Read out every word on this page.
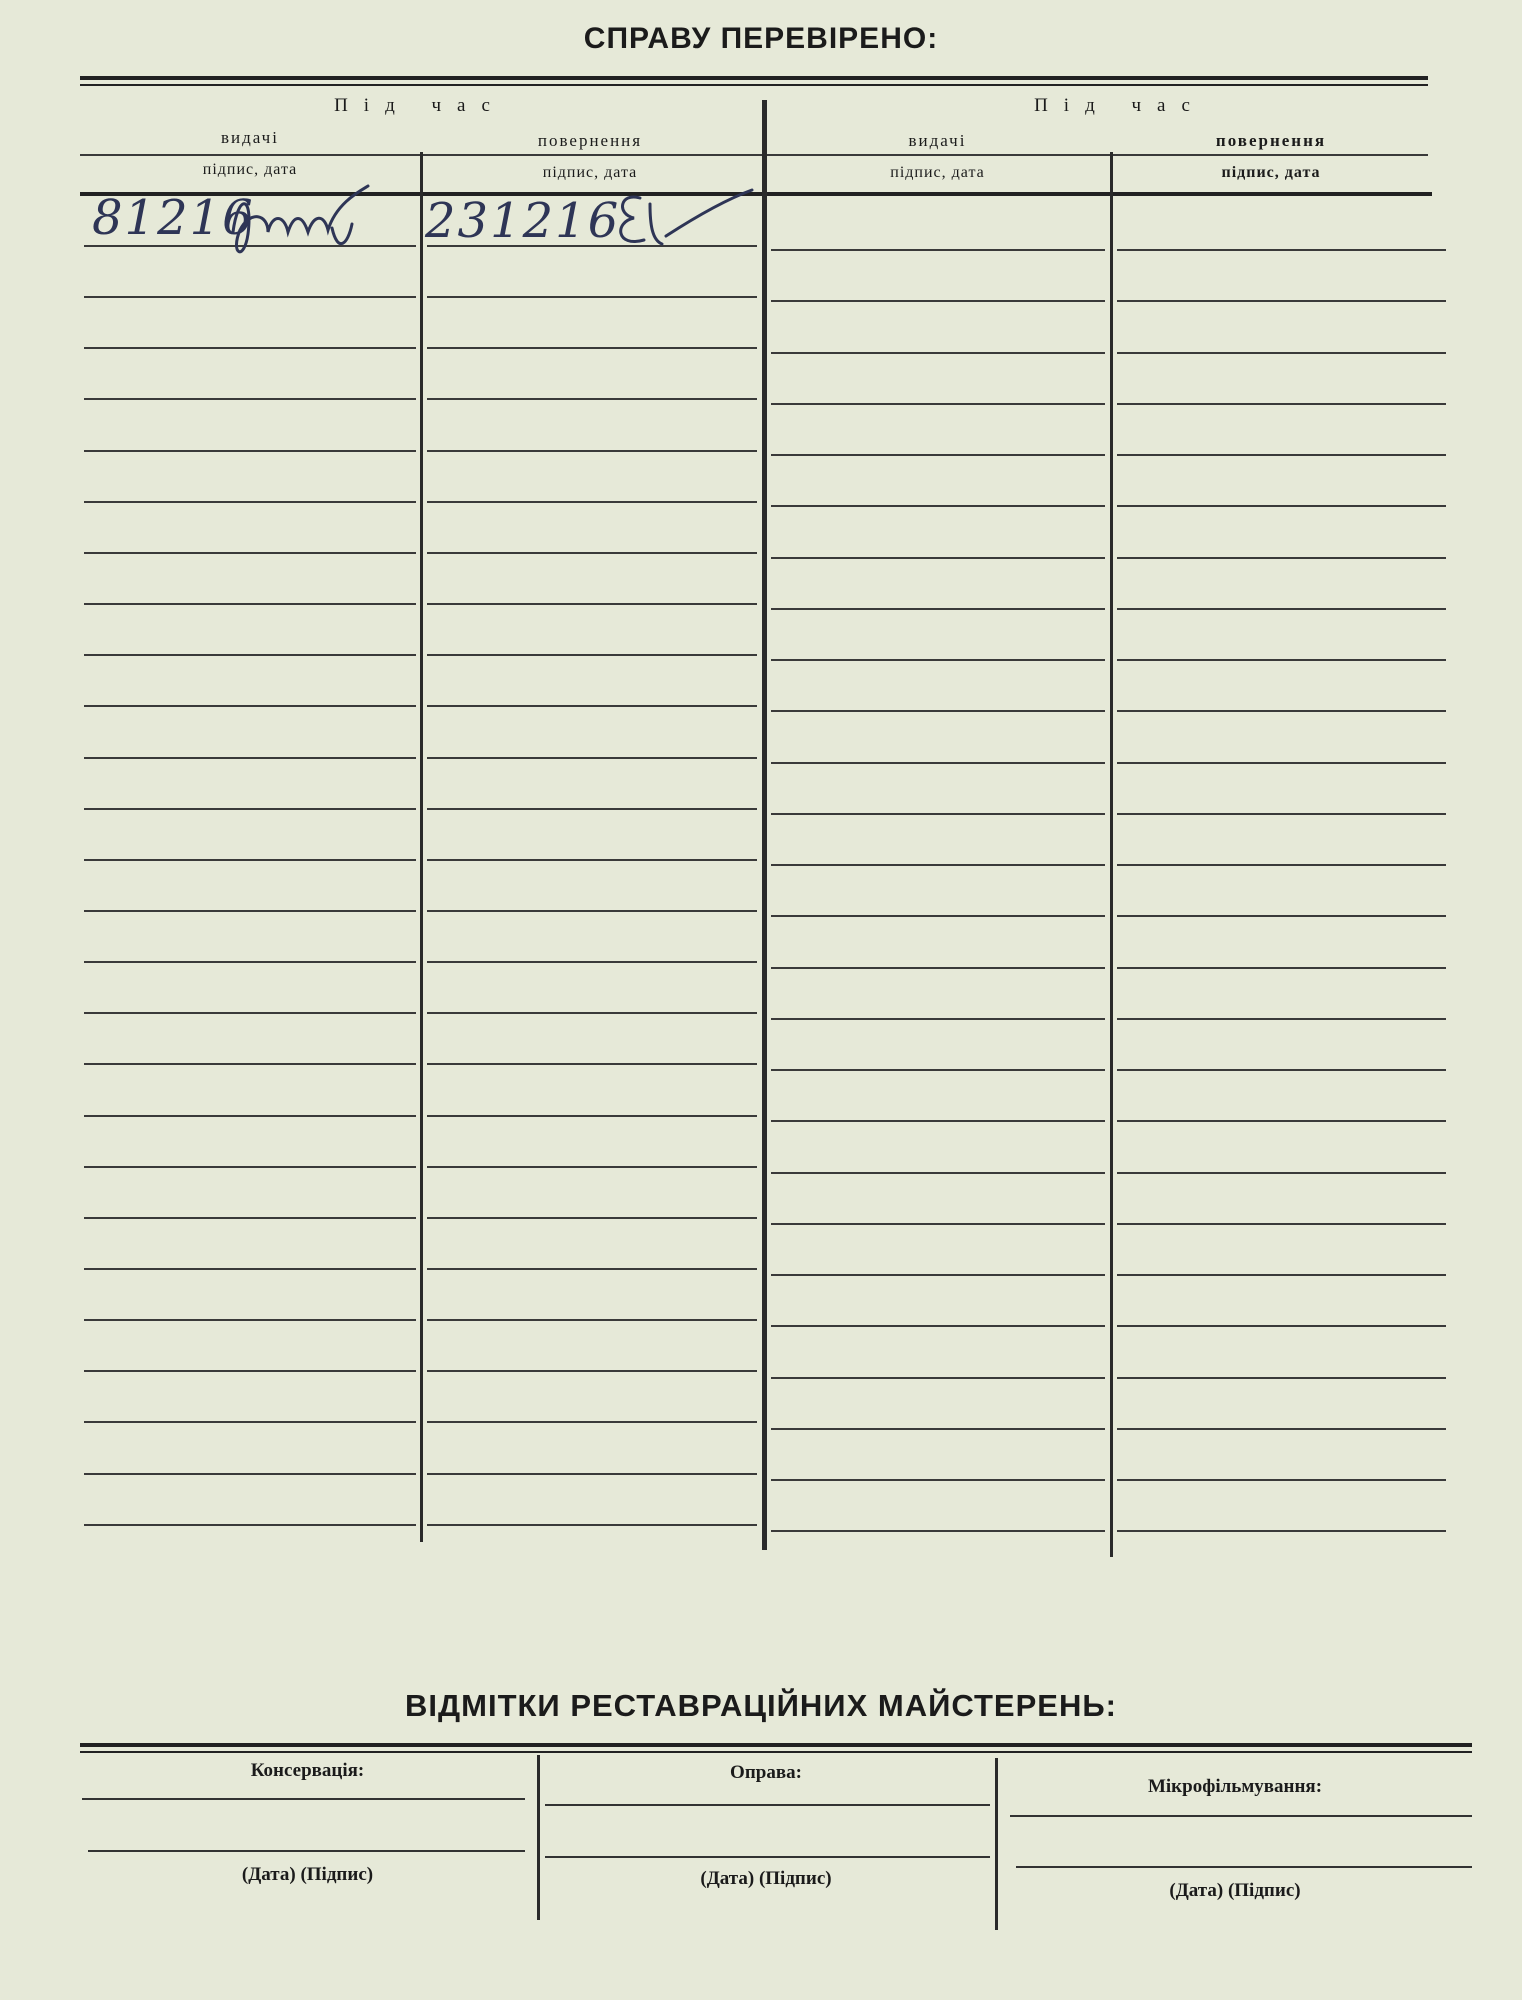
СПРАВУ ПЕРЕВІРЕНО:
Під час	Під час
видачі	повернення	видачі	повернення
підпис, дата	підпис, дата	підпис, дата	підпис, дата
81216	231216
ВІДМІТКИ РЕСТАВРАЦІЙНИХ МАЙСТЕРЕНЬ:
Консервація:
(Дата) (Підпис)
Оправа:
(Дата) (Підпис)
Мікрофільмування:
(Дата) (Підпис)
